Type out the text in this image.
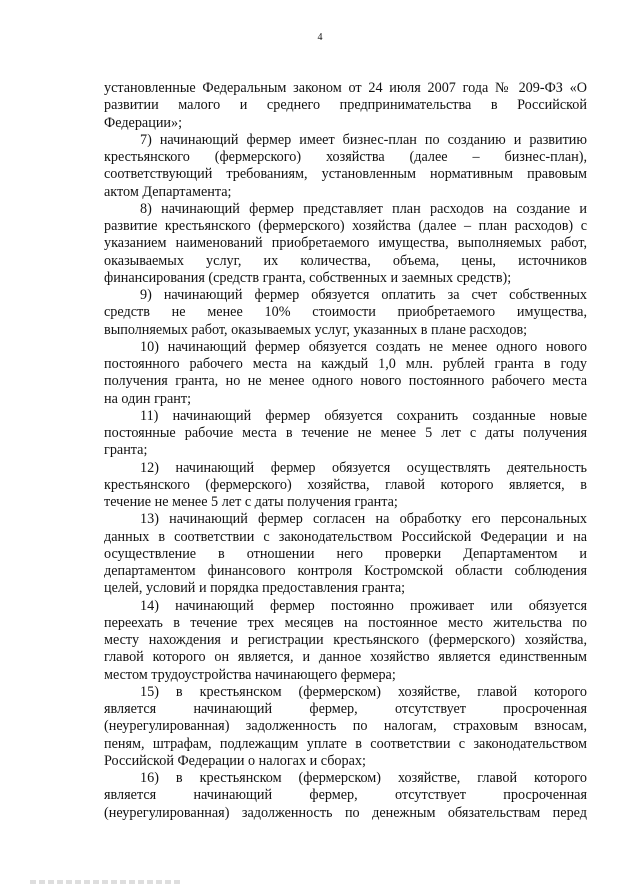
4
установленные Федеральным законом от 24 июля 2007 года № 209-ФЗ «О
развитии малого и среднего предпринимательства в Российской
Федерации»;
7) начинающий фермер имеет бизнес-план по созданию и развитию
крестьянского (фермерского) хозяйства (далее – бизнес-план),
соответствующий требованиям, установленным нормативным правовым
актом Департамента;
8) начинающий фермер представляет план расходов на создание и
развитие крестьянского (фермерского) хозяйства (далее – план расходов) с
указанием наименований приобретаемого имущества, выполняемых работ,
оказываемых услуг, их количества, объема, цены, источников
финансирования (средств гранта, собственных и заемных средств);
9) начинающий фермер обязуется оплатить за счет собственных
средств не менее 10% стоимости приобретаемого имущества,
выполняемых работ, оказываемых услуг, указанных в плане расходов;
10) начинающий фермер обязуется создать не менее одного нового
постоянного рабочего места на каждый 1,0 млн. рублей гранта в году
получения гранта, но не менее одного нового постоянного рабочего места
на один грант;
11) начинающий фермер обязуется сохранить созданные новые
постоянные рабочие места в течение не менее 5 лет с даты получения
гранта;
12) начинающий фермер обязуется осуществлять деятельность
крестьянского (фермерского) хозяйства, главой которого является, в
течение не менее 5 лет с даты получения гранта;
13) начинающий фермер согласен на обработку его персональных
данных в соответствии с законодательством Российской Федерации и на
осуществление в отношении него проверки Департаментом и
департаментом финансового контроля Костромской области соблюдения
целей, условий и порядка предоставления гранта;
14) начинающий фермер постоянно проживает или обязуется
переехать в течение трех месяцев на постоянное место жительства по
месту нахождения и регистрации крестьянского (фермерского) хозяйства,
главой которого он является, и данное хозяйство является единственным
местом трудоустройства начинающего фермера;
15) в крестьянском (фермерском) хозяйстве, главой которого
является начинающий фермер, отсутствует просроченная
(неурегулированная) задолженность по налогам, страховым взносам,
пеням, штрафам, подлежащим уплате в соответствии с законодательством
Российской Федерации о налогах и сборах;
16) в крестьянском (фермерском) хозяйстве, главой которого
является начинающий фермер, отсутствует просроченная
(неурегулированная) задолженность по денежным обязательствам перед
